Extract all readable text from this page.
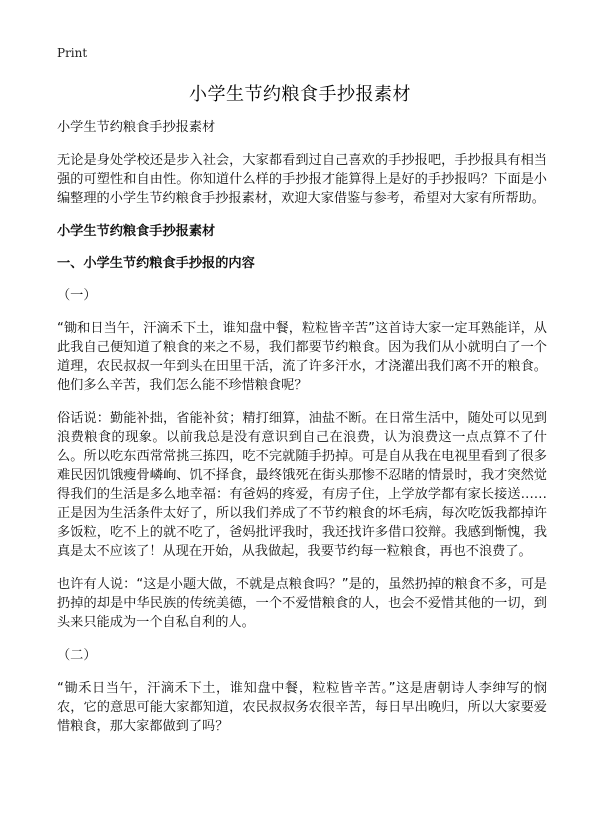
Print
小学生节约粮食手抄报素材

小学生节约粮食手抄报素材

无论是身处学校还是步入社会，大家都看到过自己喜欢的手抄报吧，手抄报具有相当强的可塑性和自由性。你知道什么样的手抄报才能算得上是好的手抄报吗？下面是小编整理的小学生节约粮食手抄报素材，欢迎大家借鉴与参考，希望对大家有所帮助。

小学生节约粮食手抄报素材

一、小学生节约粮食手抄报的内容

（一）

“锄和日当午，汗滴禾下土，谁知盘中餐，粒粒皆辛苦”这首诗大家一定耳熟能详，从此我自己便知道了粮食的来之不易，我们都要节约粮食。因为我们从小就明白了一个道理，农民叔叔一年到头在田里干活，流了许多汗水，才浇灌出我们离不开的粮食。他们多么辛苦，我们怎么能不珍惜粮食呢？

俗话说：勤能补拙，省能补贫；精打细算，油盐不断。在日常生活中，随处可以见到浪费粮食的现象。以前我总是没有意识到自己在浪费，认为浪费这一点点算不了什么。所以吃东西常常挑三拣四，吃不完就随手扔掉。可是自从我在电视里看到了很多难民因饥饿瘦骨嶙峋、饥不择食，最终饿死在街头那惨不忍睹的情景时，我才突然觉得我们的生活是多么地幸福：有爸妈的疼爱，有房子住，上学放学都有家长接送……正是因为生活条件太好了，所以我们养成了不节约粮食的坏毛病，每次吃饭我都掉许多饭粒，吃不上的就不吃了，爸妈批评我时，我还找许多借口狡辩。我感到惭愧，我真是太不应该了！从现在开始，从我做起，我要节约每一粒粮食，再也不浪费了。

也许有人说：“这是小题大做，不就是点粮食吗？”是的，虽然扔掉的粮食不多，可是扔掉的却是中华民族的传统美德，一个不爱惜粮食的人，也会不爱惜其他的一切，到头来只能成为一个自私自利的人。

（二）

“锄禾日当午，汗滴禾下土，谁知盘中餐，粒粒皆辛苦。”这是唐朝诗人李绅写的悯农，它的意思可能大家都知道，农民叔叔务农很辛苦，每日早出晚归，所以大家要爱惜粮食，那大家都做到了吗？
